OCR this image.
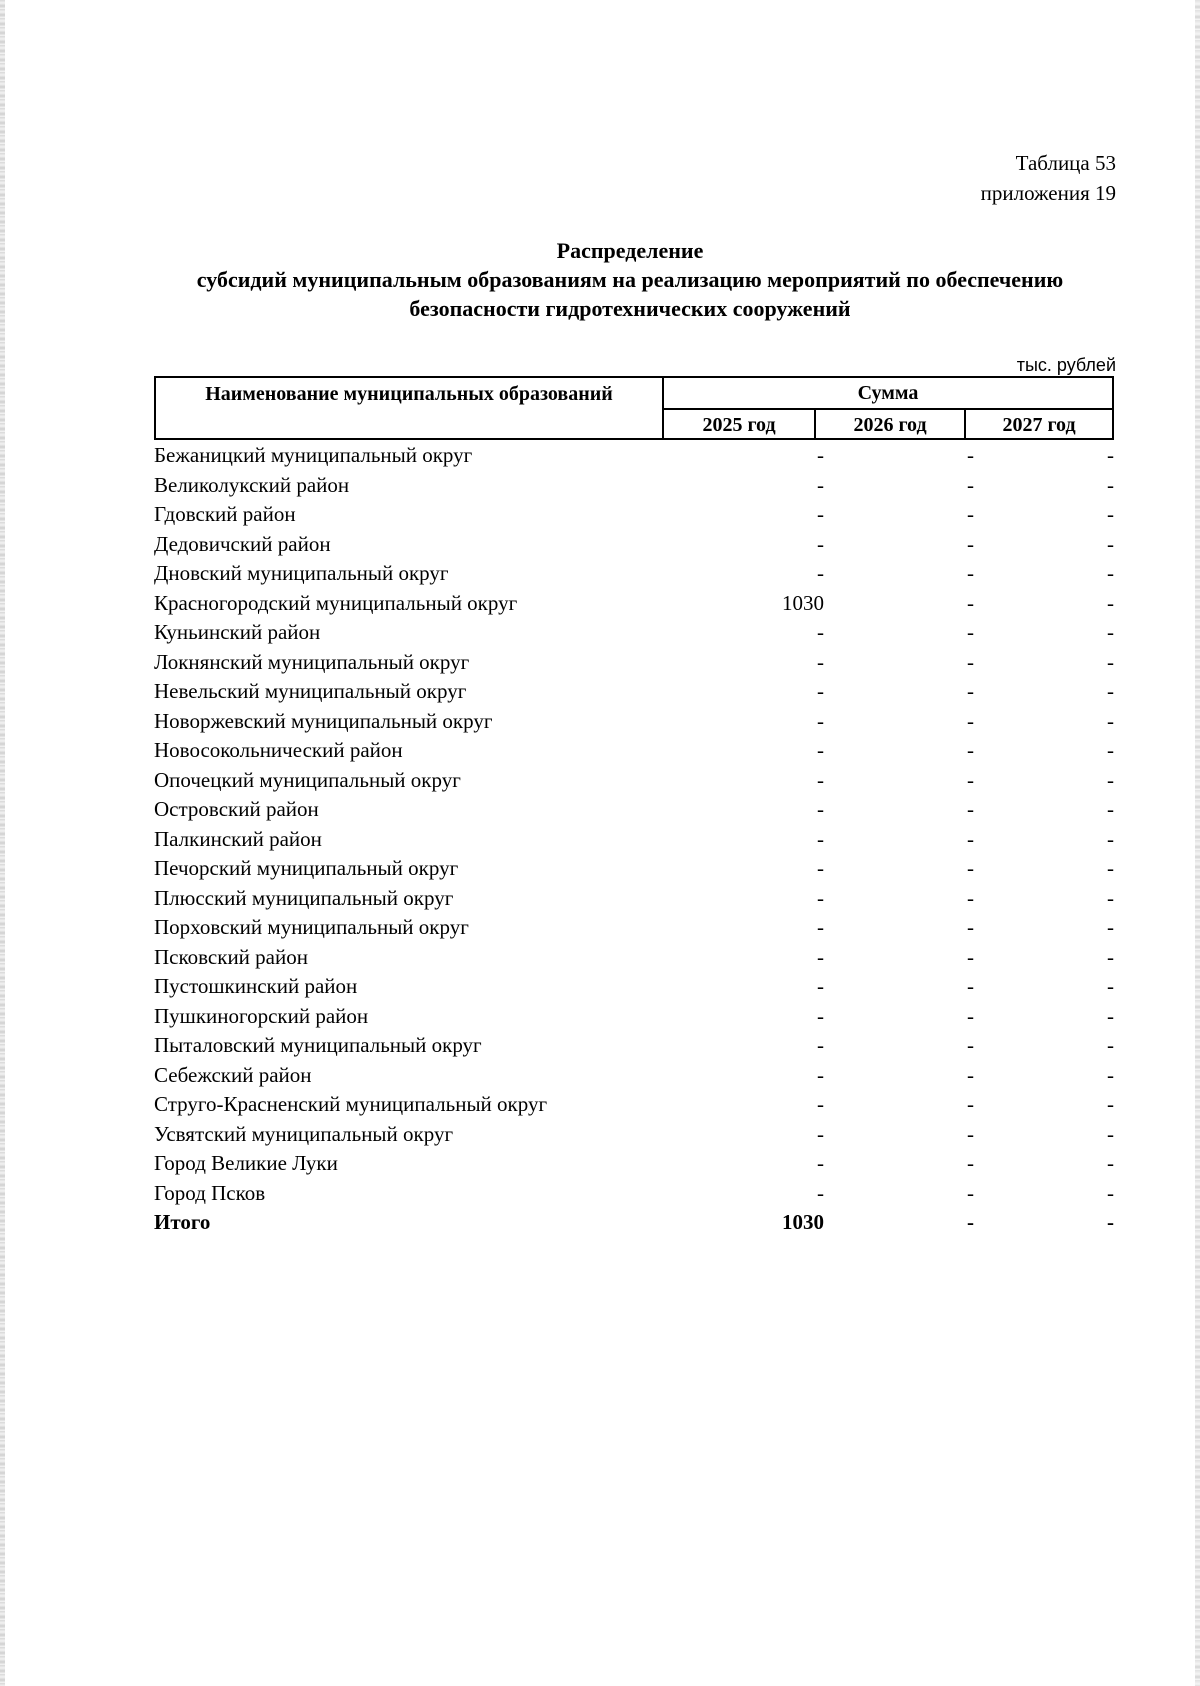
Таблица 53
приложения 19
Распределение
субсидий муниципальным образованиям на реализацию мероприятий по обеспечению
безопасности гидротехнических сооружений
тыс. рублей
Наименование муниципальных образований	Сумма
2025 год	2026 год	2027 год
Бежаницкий муниципальный округ	-	-	-
Великолукский район	-	-	-
Гдовский район	-	-	-
Дедовичский район	-	-	-
Дновский муниципальный округ	-	-	-
Красногородский муниципальный округ	1030	-	-
Куньинский район	-	-	-
Локнянский муниципальный округ	-	-	-
Невельский муниципальный округ	-	-	-
Новоржевский муниципальный округ	-	-	-
Новосокольнический район	-	-	-
Опочецкий муниципальный округ	-	-	-
Островский район	-	-	-
Палкинский район	-	-	-
Печорский муниципальный округ	-	-	-
Плюсский муниципальный округ	-	-	-
Порховский муниципальный округ	-	-	-
Псковский район	-	-	-
Пустошкинский район	-	-	-
Пушкиногорский район	-	-	-
Пыталовский муниципальный округ	-	-	-
Себежский район	-	-	-
Струго-Красненский муниципальный округ	-	-	-
Усвятский муниципальный округ	-	-	-
Город Великие Луки	-	-	-
Город Псков	-	-	-
Итого	1030	-	-
